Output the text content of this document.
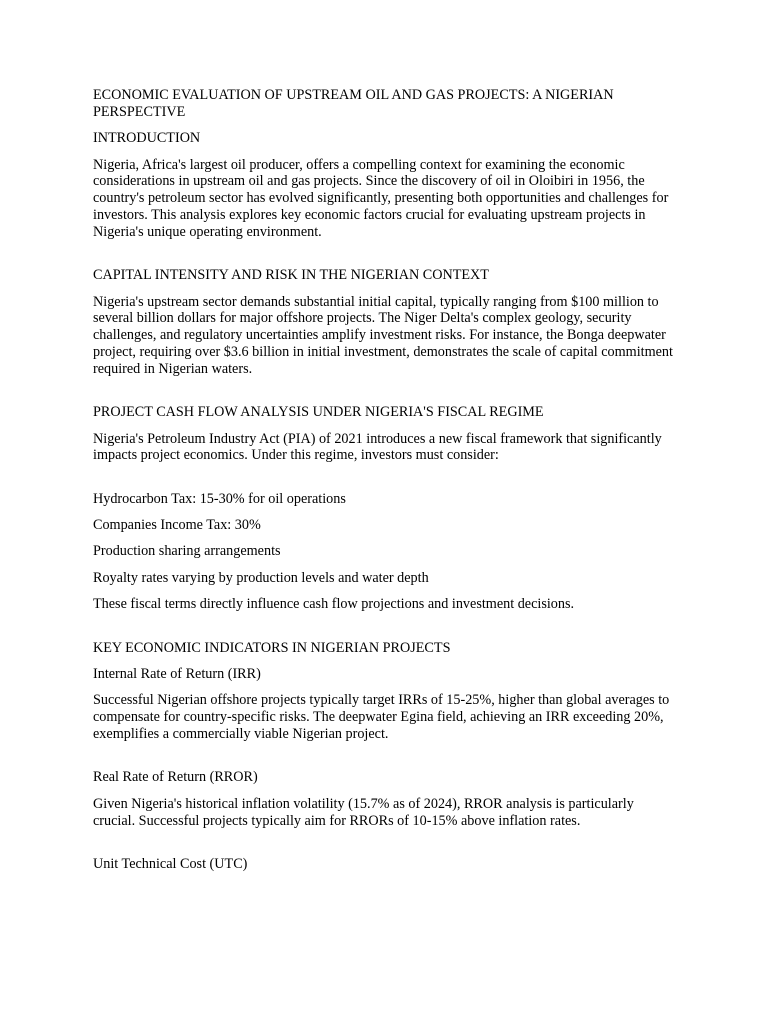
ECONOMIC EVALUATION OF UPSTREAM OIL AND GAS PROJECTS: A NIGERIAN PERSPECTIVE

INTRODUCTION

Nigeria, Africa's largest oil producer, offers a compelling context for examining the economic considerations in upstream oil and gas projects. Since the discovery of oil in Oloibiri in 1956, the country's petroleum sector has evolved significantly, presenting both opportunities and challenges for investors. This analysis explores key economic factors crucial for evaluating upstream projects in Nigeria's unique operating environment.

CAPITAL INTENSITY AND RISK IN THE NIGERIAN CONTEXT

Nigeria's upstream sector demands substantial initial capital, typically ranging from $100 million to several billion dollars for major offshore projects. The Niger Delta's complex geology, security challenges, and regulatory uncertainties amplify investment risks. For instance, the Bonga deepwater project, requiring over $3.6 billion in initial investment, demonstrates the scale of capital commitment required in Nigerian waters.

PROJECT CASH FLOW ANALYSIS UNDER NIGERIA'S FISCAL REGIME

Nigeria's Petroleum Industry Act (PIA) of 2021 introduces a new fiscal framework that significantly impacts project economics. Under this regime, investors must consider:

Hydrocarbon Tax: 15-30% for oil operations

Companies Income Tax: 30%

Production sharing arrangements

Royalty rates varying by production levels and water depth

These fiscal terms directly influence cash flow projections and investment decisions.

KEY ECONOMIC INDICATORS IN NIGERIAN PROJECTS

Internal Rate of Return (IRR)

Successful Nigerian offshore projects typically target IRRs of 15-25%, higher than global averages to compensate for country-specific risks. The deepwater Egina field, achieving an IRR exceeding 20%, exemplifies a commercially viable Nigerian project.

Real Rate of Return (RROR)

Given Nigeria's historical inflation volatility (15.7% as of 2024), RROR analysis is particularly crucial. Successful projects typically aim for RRORs of 10-15% above inflation rates.

Unit Technical Cost (UTC)
